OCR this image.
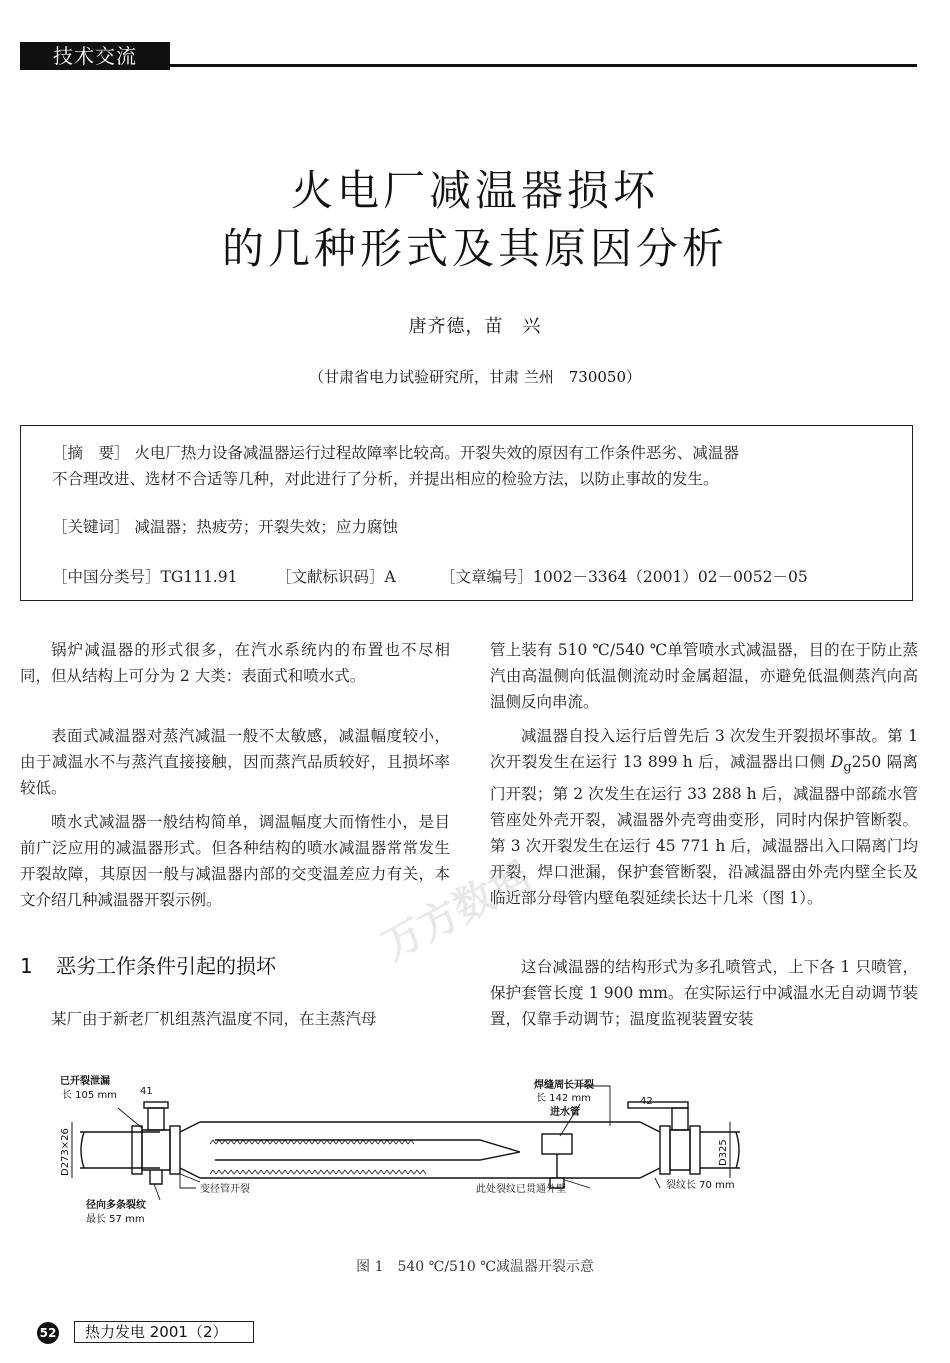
技术交流
火电厂减温器损坏
的几种形式及其原因分析
唐齐德，苗　兴
（甘肃省电力试验研究所，甘肃 兰州　730050）
［摘　要］ 火电厂热力设备减温器运行过程故障率比较高。开裂失效的原因有工作条件恶劣、减温器
不合理改进、选材不合适等几种，对此进行了分析，并提出相应的检验方法，以防止事故的发生。
［关键词］ 减温器；热疲劳；开裂失效；应力腐蚀
［中国分类号］TG111.91 ［文献标识码］A	［文章编号］1002－3364（2001）02－0052－05
锅炉减温器的形式很多，在汽水系统内的布置也不尽相同，但从结构上可分为 2 大类：表面式和喷水式。
表面式减温器对蒸汽减温一般不太敏感，减温幅度较小，由于减温水不与蒸汽直接接触，因而蒸汽品质较好，且损坏率较低。
喷水式减温器一般结构简单，调温幅度大而惰性小，是目前广泛应用的减温器形式。但各种结构的喷水减温器常常发生开裂故障，其原因一般与减温器内部的交变温差应力有关，本文介绍几种减温器开裂示例。
1 恶劣工作条件引起的损坏
某厂由于新老厂机组蒸汽温度不同，在主蒸汽母
管上装有 510 ℃/540 ℃单管喷水式减温器，目的在于防止蒸汽由高温侧向低温侧流动时金属超温，亦避免低温侧蒸汽向高温侧反向串流。
减温器自投入运行后曾先后 3 次发生开裂损坏事故。第 1 次开裂发生在运行 13 899 h 后，减温器出口侧 $D_g250$ 隔离门开裂；第 2 次发生在运行 33 288 h 后，减温器中部疏水管管座处外壳开裂，减温器外壳弯曲变形，同时内保护管断裂。第 3 次开裂发生在运行 45 771 h 后，减温器出入口隔离门均开裂，焊口泄漏，保护套管断裂，沿减温器由外壳内壁全长及临近部分母管内壁龟裂延续长达十几米（图 1）。
这台减温器的结构形式为多孔喷管式，上下各 1 只喷管，保护套管长度 1 900 mm。在实际运行中减温水无自动调节装置，仅靠手动调节；温度监视装置安装
万方数据
已开裂泄漏
长 105 mm 41
D273×26
径向多条裂纹
最长 57 mm
变径管开裂
焊缝周长开裂
长 142 mm
进水管
此处裂纹已贯通外壁
42
D325
裂纹长 70 mm
图 1　540 ℃/510 ℃减温器开裂示意
52	热力发电 2001（2）
